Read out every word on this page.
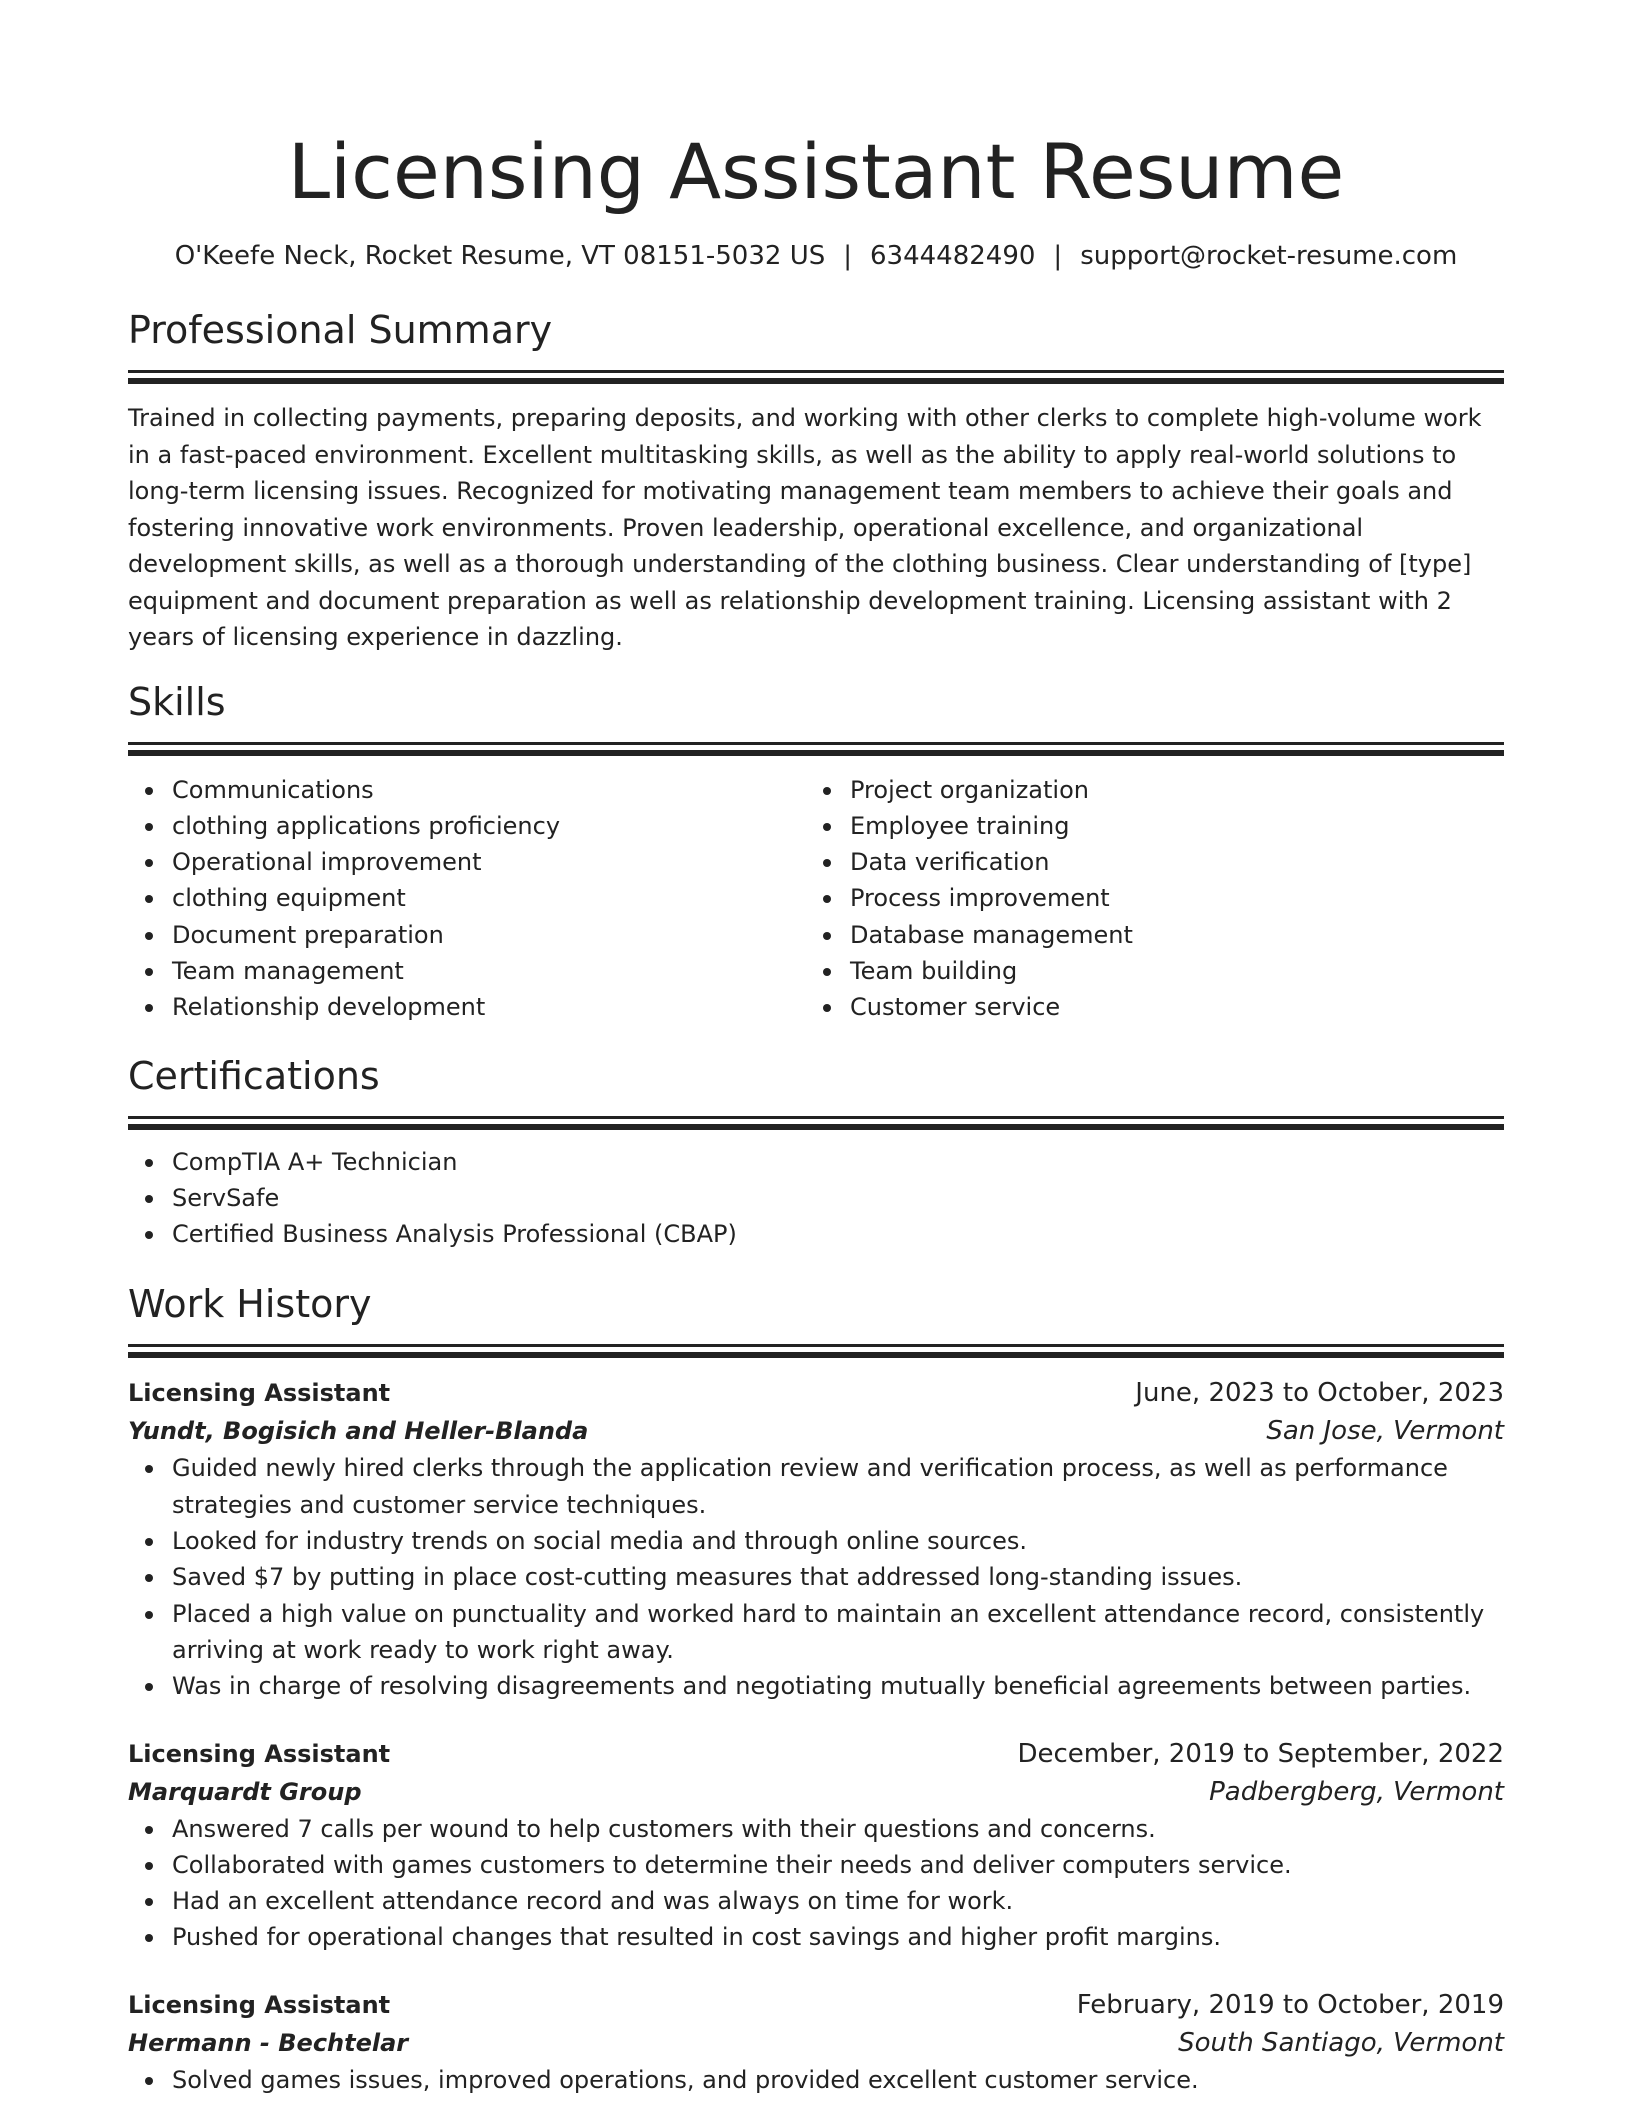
Licensing Assistant Resume
O'Keefe Neck, Rocket Resume, VT 08151-5032 US | 6344482490 | support@rocket-resume.com
Professional Summary

Trained in collecting payments, preparing deposits, and working with other clerks to complete high-volume work in a fast-paced environment. Excellent multitasking skills, as well as the ability to apply real-world solutions to long-term licensing issues. Recognized for motivating management team members to achieve their goals and fostering innovative work environments. Proven leadership, operational excellence, and organizational development skills, as well as a thorough understanding of the clothing business. Clear understanding of [type] equipment and document preparation as well as relationship development training. Licensing assistant with 2 years of licensing experience in dazzling.

Skills
Communications
clothing applications proficiency
Operational improvement
clothing equipment
Document preparation
Team management
Relationship development
Project organization
Employee training
Data verification
Process improvement
Database management
Team building
Customer service
Certifications
CompTIA A+ Technician
ServSafe
Certified Business Analysis Professional (CBAP)
Work History
Licensing Assistant	June, 2023 to October, 2023
Yundt, Bogisich and Heller-Blanda	San Jose, Vermont
Guided newly hired clerks through the application review and verification process, as well as performance strategies and customer service techniques.
Looked for industry trends on social media and through online sources.
Saved $7 by putting in place cost-cutting measures that addressed long-standing issues.
Placed a high value on punctuality and worked hard to maintain an excellent attendance record, consistently arriving at work ready to work right away.
Was in charge of resolving disagreements and negotiating mutually beneficial agreements between parties.
Licensing Assistant	December, 2019 to September, 2022
Marquardt Group	Padbergberg, Vermont
Answered 7 calls per wound to help customers with their questions and concerns.
Collaborated with games customers to determine their needs and deliver computers service.
Had an excellent attendance record and was always on time for work.
Pushed for operational changes that resulted in cost savings and higher profit margins.
Licensing Assistant	February, 2019 to October, 2019
Hermann - Bechtelar	South Santiago, Vermont
Solved games issues, improved operations, and provided excellent customer service.
